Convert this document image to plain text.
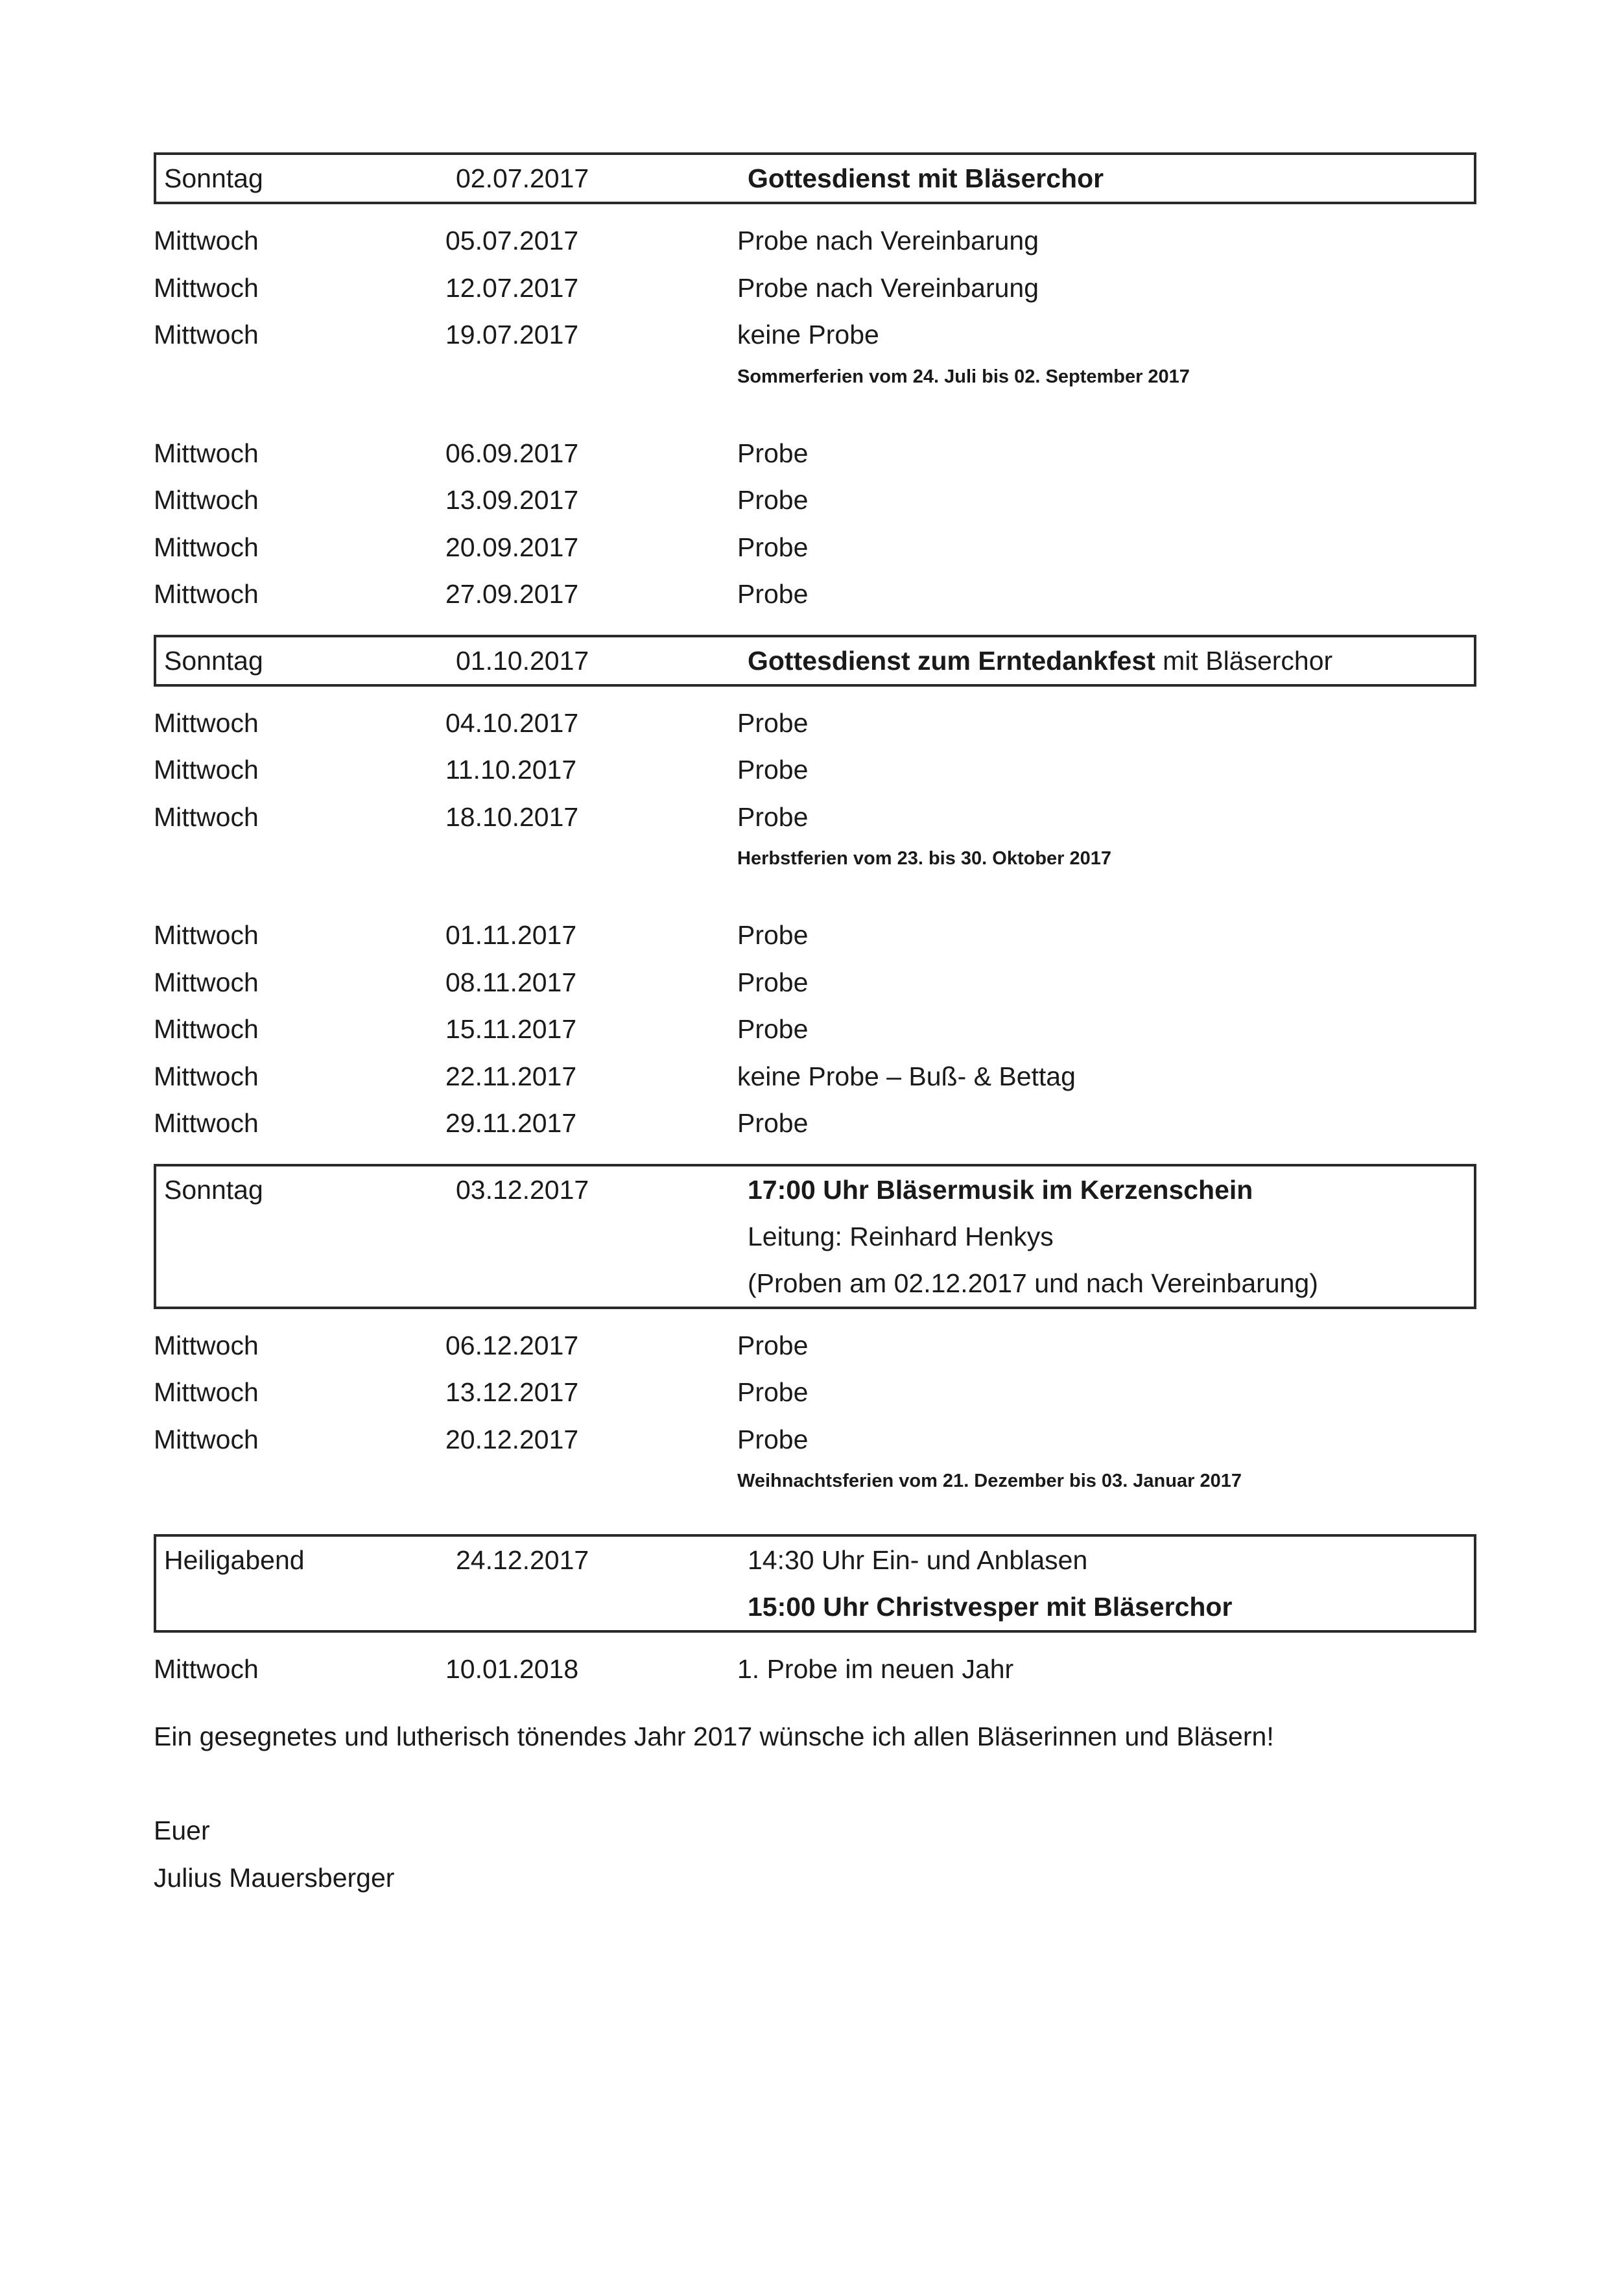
Sonntag	02.07.2017	Gottesdienst mit Bläserchor
Mittwoch	05.07.2017	Probe nach Vereinbarung
Mittwoch	12.07.2017	Probe nach Vereinbarung
Mittwoch	19.07.2017	keine Probe
Sommerferien vom 24. Juli bis 02. September 2017
Mittwoch	06.09.2017	Probe
Mittwoch	13.09.2017	Probe
Mittwoch	20.09.2017	Probe
Mittwoch	27.09.2017	Probe
Sonntag	01.10.2017	Gottesdienst zum Erntedankfest mit Bläserchor
Mittwoch	04.10.2017	Probe
Mittwoch	11.10.2017	Probe
Mittwoch	18.10.2017	Probe
Herbstferien vom 23. bis 30. Oktober 2017
Mittwoch	01.11.2017	Probe
Mittwoch	08.11.2017	Probe
Mittwoch	15.11.2017	Probe
Mittwoch	22.11.2017	keine Probe – Buß- & Bettag
Mittwoch	29.11.2017	Probe
Sonntag	03.12.2017	17:00 Uhr Bläsermusik im Kerzenschein
Leitung: Reinhard Henkys
(Proben am 02.12.2017 und nach Vereinbarung)
Mittwoch	06.12.2017	Probe
Mittwoch	13.12.2017	Probe
Mittwoch	20.12.2017	Probe
Weihnachtsferien vom 21. Dezember bis 03. Januar 2017
Heiligabend	24.12.2017	14:30 Uhr Ein- und Anblasen
15:00 Uhr Christvesper mit Bläserchor
Mittwoch	10.01.2018	1. Probe im neuen Jahr
Ein gesegnetes und lutherisch tönendes Jahr 2017 wünsche ich allen Bläserinnen und Bläsern!
Euer
Julius Mauersberger
